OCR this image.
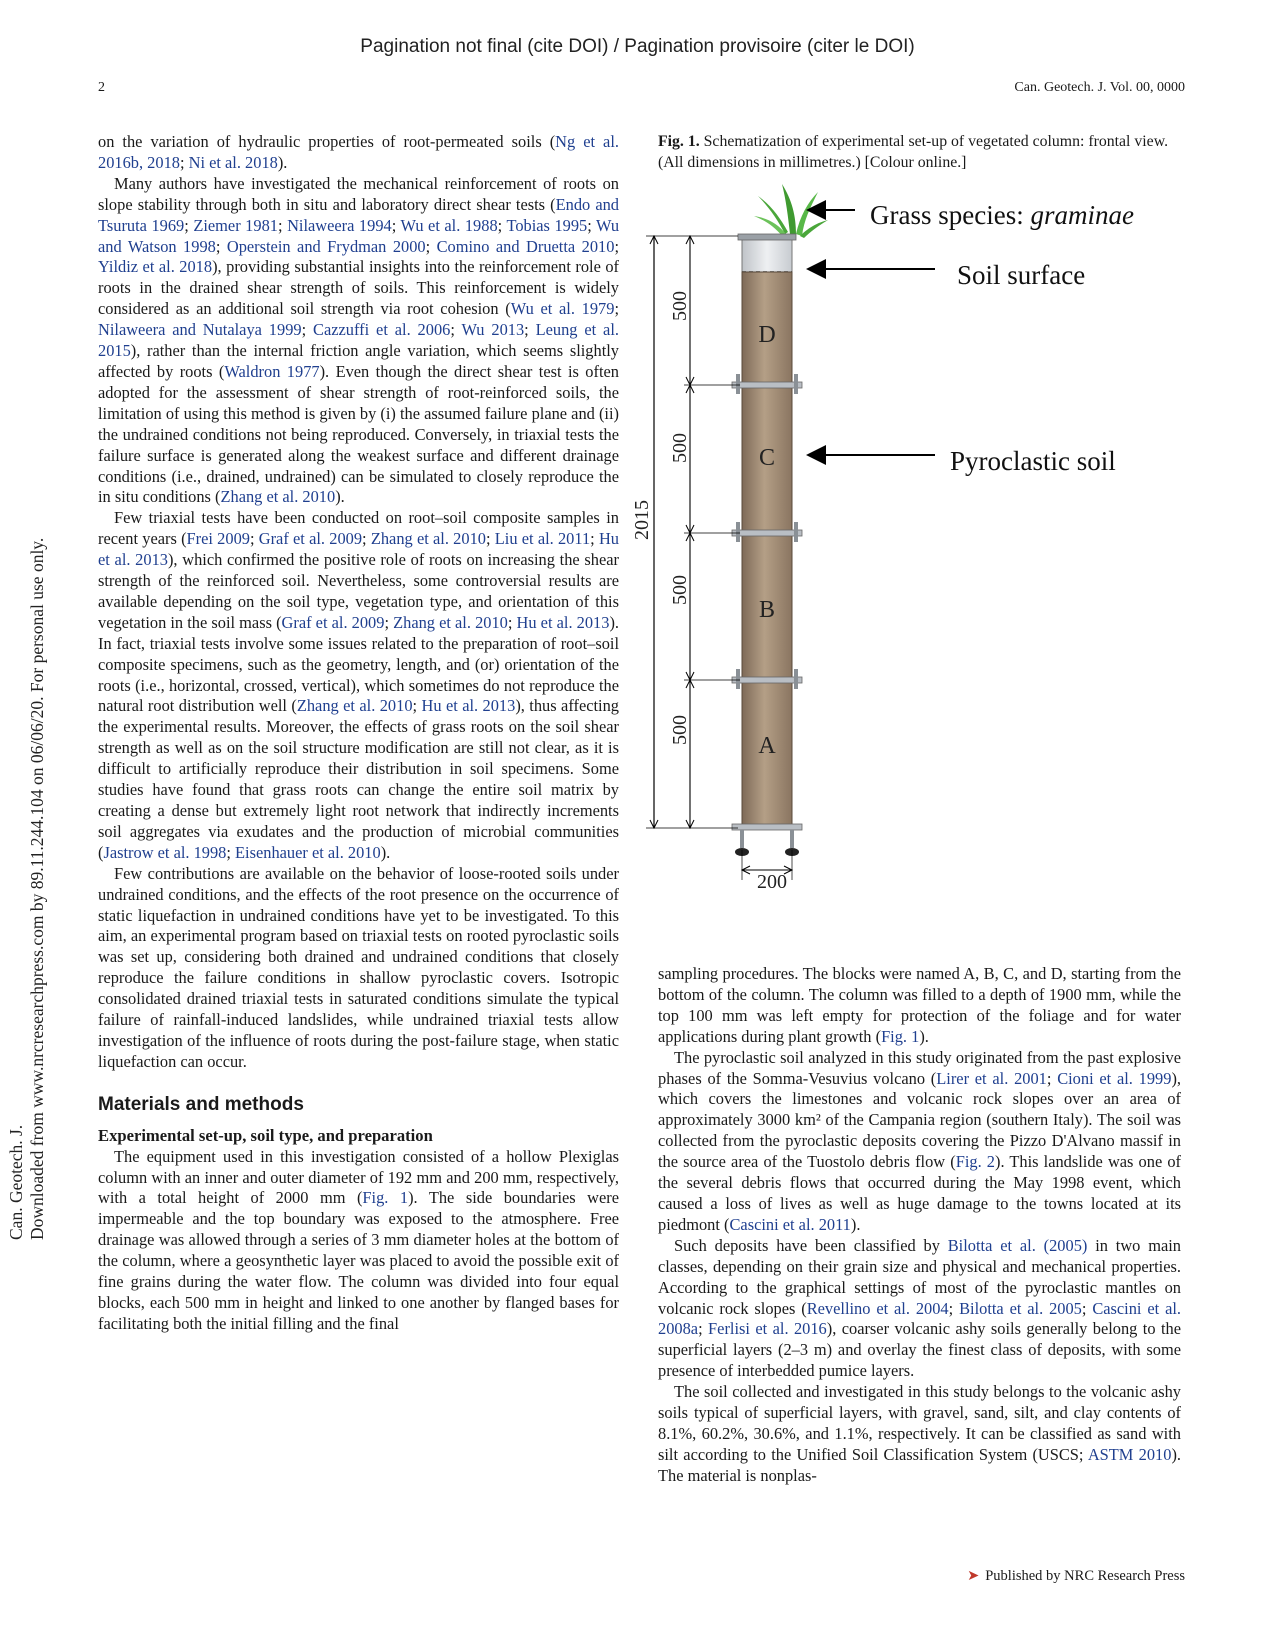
Pagination not final (cite DOI) / Pagination provisoire (citer le DOI)
2	Can. Geotech. J. Vol. 00, 0000
Can. Geotech. J. Downloaded from www.nrcresearchpress.com by 89.11.244.104 on 06/06/20. For personal use only.

on the variation of hydraulic properties of root-permeated soils (Ng et al. 2016b, 2018; Ni et al. 2018).

Many authors have investigated the mechanical reinforcement of roots on slope stability through both in situ and laboratory direct shear tests (Endo and Tsuruta 1969; Ziemer 1981; Nilaweera 1994; Wu et al. 1988; Tobias 1995; Wu and Watson 1998; Operstein and Frydman 2000; Comino and Druetta 2010; Yildiz et al. 2018), providing substantial insights into the reinforcement role of roots in the drained shear strength of soils. This reinforcement is widely considered as an additional soil strength via root cohesion (Wu et al. 1979; Nilaweera and Nutalaya 1999; Cazzuffi et al. 2006; Wu 2013; Leung et al. 2015), rather than the internal friction angle variation, which seems slightly affected by roots (Waldron 1977). Even though the direct shear test is often adopted for the assessment of shear strength of root-reinforced soils, the limitation of using this method is given by (i) the assumed failure plane and (ii) the undrained conditions not being reproduced. Conversely, in triaxial tests the failure surface is generated along the weakest surface and different drainage conditions (i.e., drained, undrained) can be simulated to closely reproduce the in situ conditions (Zhang et al. 2010).

Few triaxial tests have been conducted on root–soil composite samples in recent years (Frei 2009; Graf et al. 2009; Zhang et al. 2010; Liu et al. 2011; Hu et al. 2013), which confirmed the positive role of roots on increasing the shear strength of the reinforced soil. Nevertheless, some controversial results are available depending on the soil type, vegetation type, and orientation of this vegetation in the soil mass (Graf et al. 2009; Zhang et al. 2010; Hu et al. 2013). In fact, triaxial tests involve some issues related to the preparation of root–soil composite specimens, such as the geometry, length, and (or) orientation of the roots (i.e., horizontal, crossed, vertical), which sometimes do not reproduce the natural root distribution well (Zhang et al. 2010; Hu et al. 2013), thus affecting the experimental results. Moreover, the effects of grass roots on the soil shear strength as well as on the soil structure modification are still not clear, as it is difficult to artificially reproduce their distribution in soil specimens. Some studies have found that grass roots can change the entire soil matrix by creating a dense but extremely light root network that indirectly increments soil aggregates via exudates and the production of microbial communities (Jastrow et al. 1998; Eisenhauer et al. 2010).

Few contributions are available on the behavior of loose-rooted soils under undrained conditions, and the effects of the root presence on the occurrence of static liquefaction in undrained conditions have yet to be investigated. To this aim, an experimental program based on triaxial tests on rooted pyroclastic soils was set up, considering both drained and undrained conditions that closely reproduce the failure conditions in shallow pyroclastic covers. Isotropic consolidated drained triaxial tests in saturated conditions simulate the typical failure of rainfall-induced landslides, while undrained triaxial tests allow investigation of the influence of roots during the post-failure stage, when static liquefaction can occur.

Materials and methods
Experimental set-up, soil type, and preparation

The equipment used in this investigation consisted of a hollow Plexiglas column with an inner and outer diameter of 192 mm and 200 mm, respectively, with a total height of 2000 mm (Fig. 1). The side boundaries were impermeable and the top boundary was exposed to the atmosphere. Free drainage was allowed through a series of 3 mm diameter holes at the bottom of the column, where a geosynthetic layer was placed to avoid the possible exit of fine grains during the water flow. The column was divided into four equal blocks, each 500 mm in height and linked to one another by flanged bases for facilitating both the initial filling and the final

Fig. 1. Schematization of experimental set-up of vegetated column: frontal view. (All dimensions in millimetres.) [Colour online.]
D
C
B
A
2015
500
500
500
500
200
Grass species: graminae
Soil surface
Pyroclastic soil

sampling procedures. The blocks were named A, B, C, and D, starting from the bottom of the column. The column was filled to a depth of 1900 mm, while the top 100 mm was left empty for protection of the foliage and for water applications during plant growth (Fig. 1).

The pyroclastic soil analyzed in this study originated from the past explosive phases of the Somma-Vesuvius volcano (Lirer et al. 2001; Cioni et al. 1999), which covers the limestones and volcanic rock slopes over an area of approximately 3000 km² of the Campania region (southern Italy). The soil was collected from the pyroclastic deposits covering the Pizzo D'Alvano massif in the source area of the Tuostolo debris flow (Fig. 2). This landslide was one of the several debris flows that occurred during the May 1998 event, which caused a loss of lives as well as huge damage to the towns located at its piedmont (Cascini et al. 2011).

Such deposits have been classified by Bilotta et al. (2005) in two main classes, depending on their grain size and physical and mechanical properties. According to the graphical settings of most of the pyroclastic mantles on volcanic rock slopes (Revellino et al. 2004; Bilotta et al. 2005; Cascini et al. 2008a; Ferlisi et al. 2016), coarser volcanic ashy soils generally belong to the superficial layers (2–3 m) and overlay the finest class of deposits, with some presence of interbedded pumice layers.

The soil collected and investigated in this study belongs to the volcanic ashy soils typical of superficial layers, with gravel, sand, silt, and clay contents of 8.1%, 60.2%, 30.6%, and 1.1%, respectively. It can be classified as sand with silt according to the Unified Soil Classification System (USCS; ASTM 2010). The material is nonplas-

➤ Published by NRC Research Press
